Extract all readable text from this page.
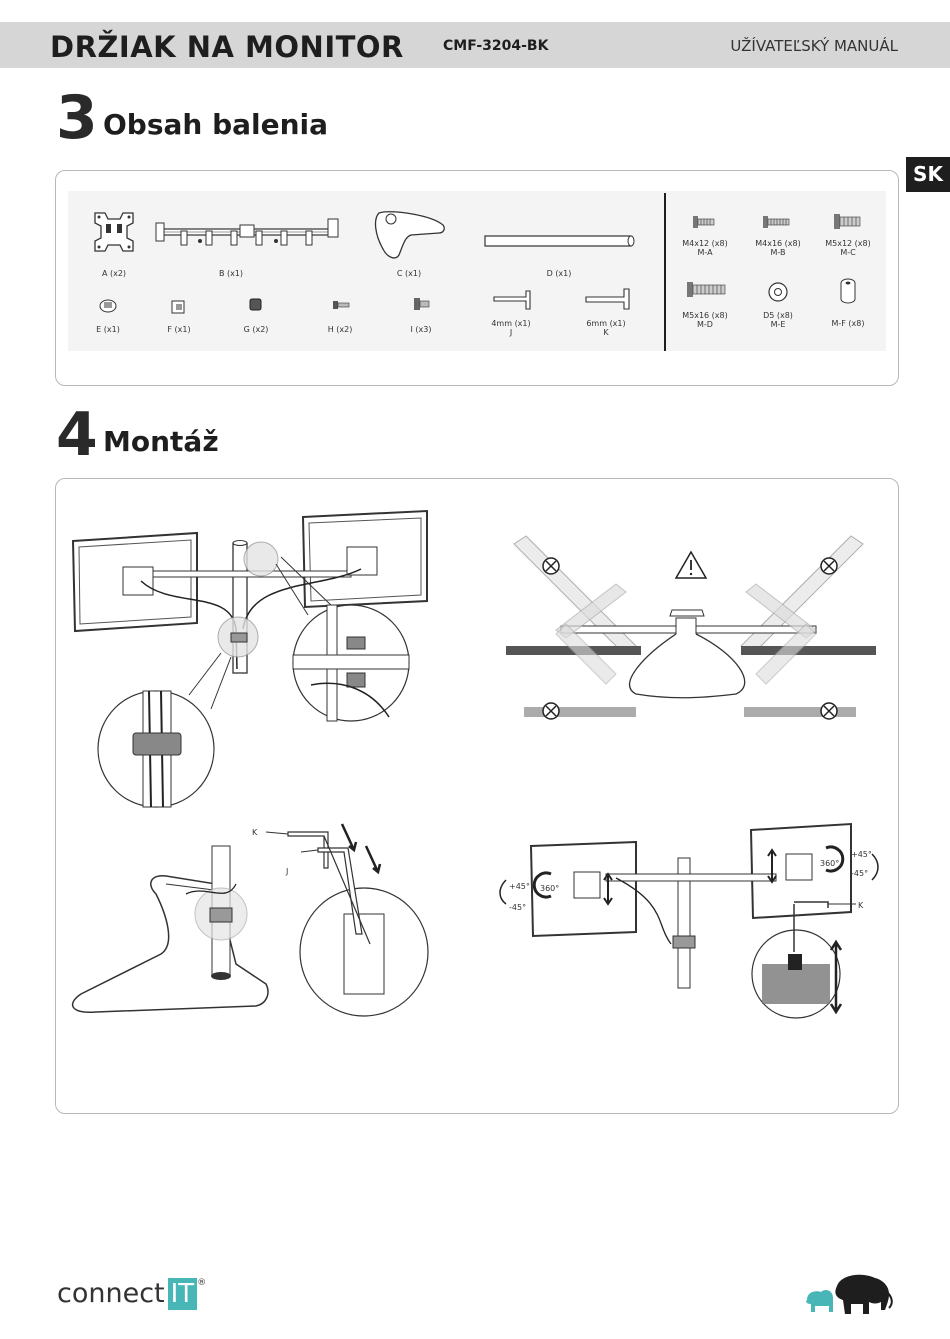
DRŽIAK NA MONITOR	CMF-3204-BK	UŽÍVATEĽSKÝ MANUÁL
SK
3 Obsah balenia
A (x2)	B (x1)	C (x1)	D (x1)
E (x1)	F (x1)	G (x2)	H (x2)	I (x3)
4mm (x1)
J
6mm (x1)
K
M4x12 (x8)
M-A
M4x16 (x8)
M-B
M5x12 (x8)
M-C
M5x16 (x8)
M-D
D5 (x8)
M-E	M-F (x8)
4 Montáž
K
J
360°
360°
+45°
-45°
+45°
-45°
K
connect IT ®
